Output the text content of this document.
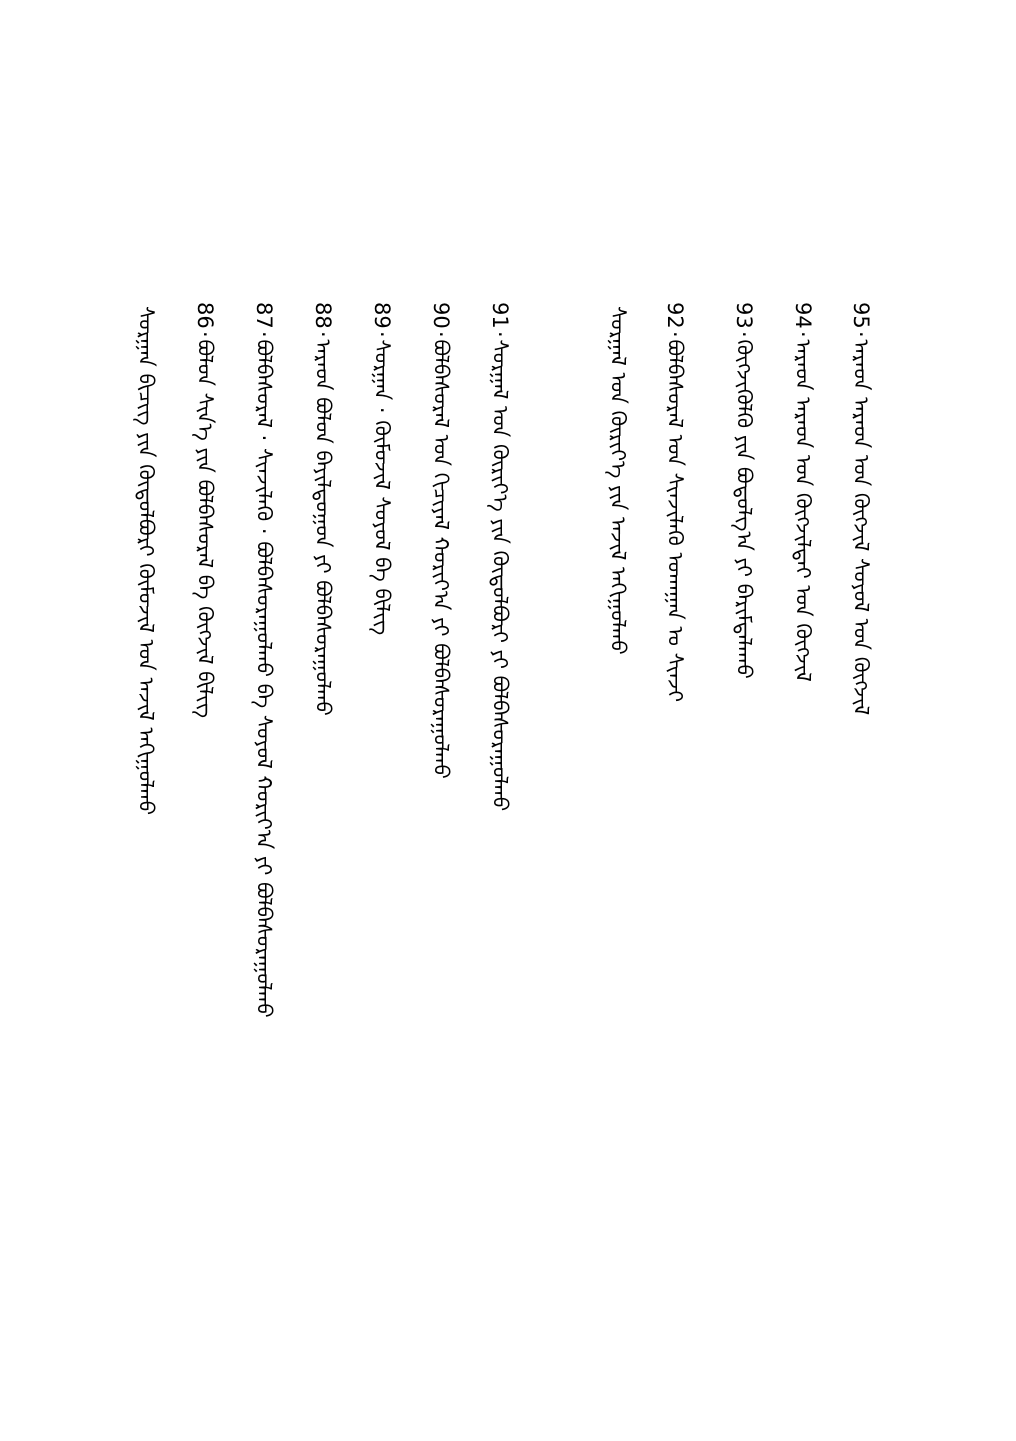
95·ᠠᠷᠠᠳ ᠠᠷᠠᠳ ᠤᠨ ᠬᠦᠭᠵᠢᠯ ᠰᠣᠶᠣᠯ ᠤᠨ ᠬᠥᠭᠵᠢᠯ
94·ᠠᠷᠠᠳ ᠠᠷᠠᠳ ᠤᠨ ᠬᠥᠭᠵᠢᠯᠲᠡᠢ ᠤᠨ ᠬᠥᠭᠵᠢᠯ
93·ᠬᠥᠭᠵᠢᠭᠦᠯᠬᠦ ᠶᠢᠨ ᠪᠣᠳᠣᠯᠭ᠎ᠠ ᠶᠢ ᠪᠠᠷᠢᠮᠲᠠᠯᠠᠬᠤ
92·ᠪᠣᠯᠪᠠᠰᠤᠷᠠᠯ ᠤᠨ ᠰᠢᠨᠵᠢᠯᠡᠬᠦ ᠤᠬᠠᠭᠠᠨ ᠤ ᠰᠢᠨᠵᠢ
ᠰᠤᠷᠭᠠᠯ ᠤᠨ ᠬᠦᠷᠢᠶ᠎ᠡ ᠶᠢᠨ ᠠᠵᠢᠯ ᠠᠬᠢᠭᠤᠯᠬᠤ
91·ᠰᠤᠷᠭᠠᠯ ᠤᠨ ᠬᠦᠷᠢᠶ᠎ᠡ ᠶᠢᠨ ᠬᠥᠲᠦᠯᠪᠦᠷᠢ ᠶᠢ ᠪᠣᠯᠪᠠᠰᠤᠷᠠᠭᠤᠯᠬᠤ
90·ᠪᠣᠯᠪᠠᠰᠤᠷᠠᠯ ᠤᠨ ᠬᠢᠴᠢᠶᠡᠯ ᠬᠣᠷᠢᠶ᠎ᠠ ᠶᠢ ᠪᠣᠯᠪᠠᠰᠤᠷᠠᠭᠤᠯᠬᠤ
89·ᠰᠤᠷᠭᠠᠨ · ᠬᠦᠮᠦᠵᠢᠯ ᠰᠣᠶᠣᠯ ᠪᠠ ᠪᠢᠯᠢᠭ
88·ᠠᠷᠠᠳ ᠪᠣᠯᠤᠨ ᠪᠠᠶᠢᠯᠳᠤᠭᠤᠨ ᠶᠢ ᠪᠣᠯᠪᠠᠰᠤᠷᠠᠭᠤᠯᠬᠤ
87·ᠪᠣᠯᠪᠠᠰᠤᠷᠠᠯ · ᠰᠢᠨᠵᠢᠯᠡᠬᠦ · ᠪᠣᠯᠪᠠᠰᠤᠷᠠᠭᠤᠯᠬᠤ ᠪᠠ ᠰᠣᠶᠣᠯ ᠬᠣᠷᠢᠶ᠎ᠠ ᠶᠢ ᠪᠣᠯᠪᠠᠰᠤᠷᠠᠭᠤᠯᠬᠤ
86·ᠪᠣᠯᠤᠨ ᠰᠢᠨ᠎ᠡ ᠶᠢᠨ ᠪᠣᠯᠪᠠᠰᠤᠷᠠᠯ ᠪᠠ ᠬᠥᠭᠵᠢᠯ ᠪᠢᠯᠢᠭ
ᠰᠤᠷᠭᠠᠨ ᠪᠢᠴᠢᠭ ᠶᠢᠨ ᠬᠥᠲᠦᠯᠪᠦᠷᠢ ᠬᠦᠮᠦᠵᠢᠯ ᠤᠨ ᠠᠵᠢᠯ ᠠᠬᠢᠭᠤᠯᠬᠤ
